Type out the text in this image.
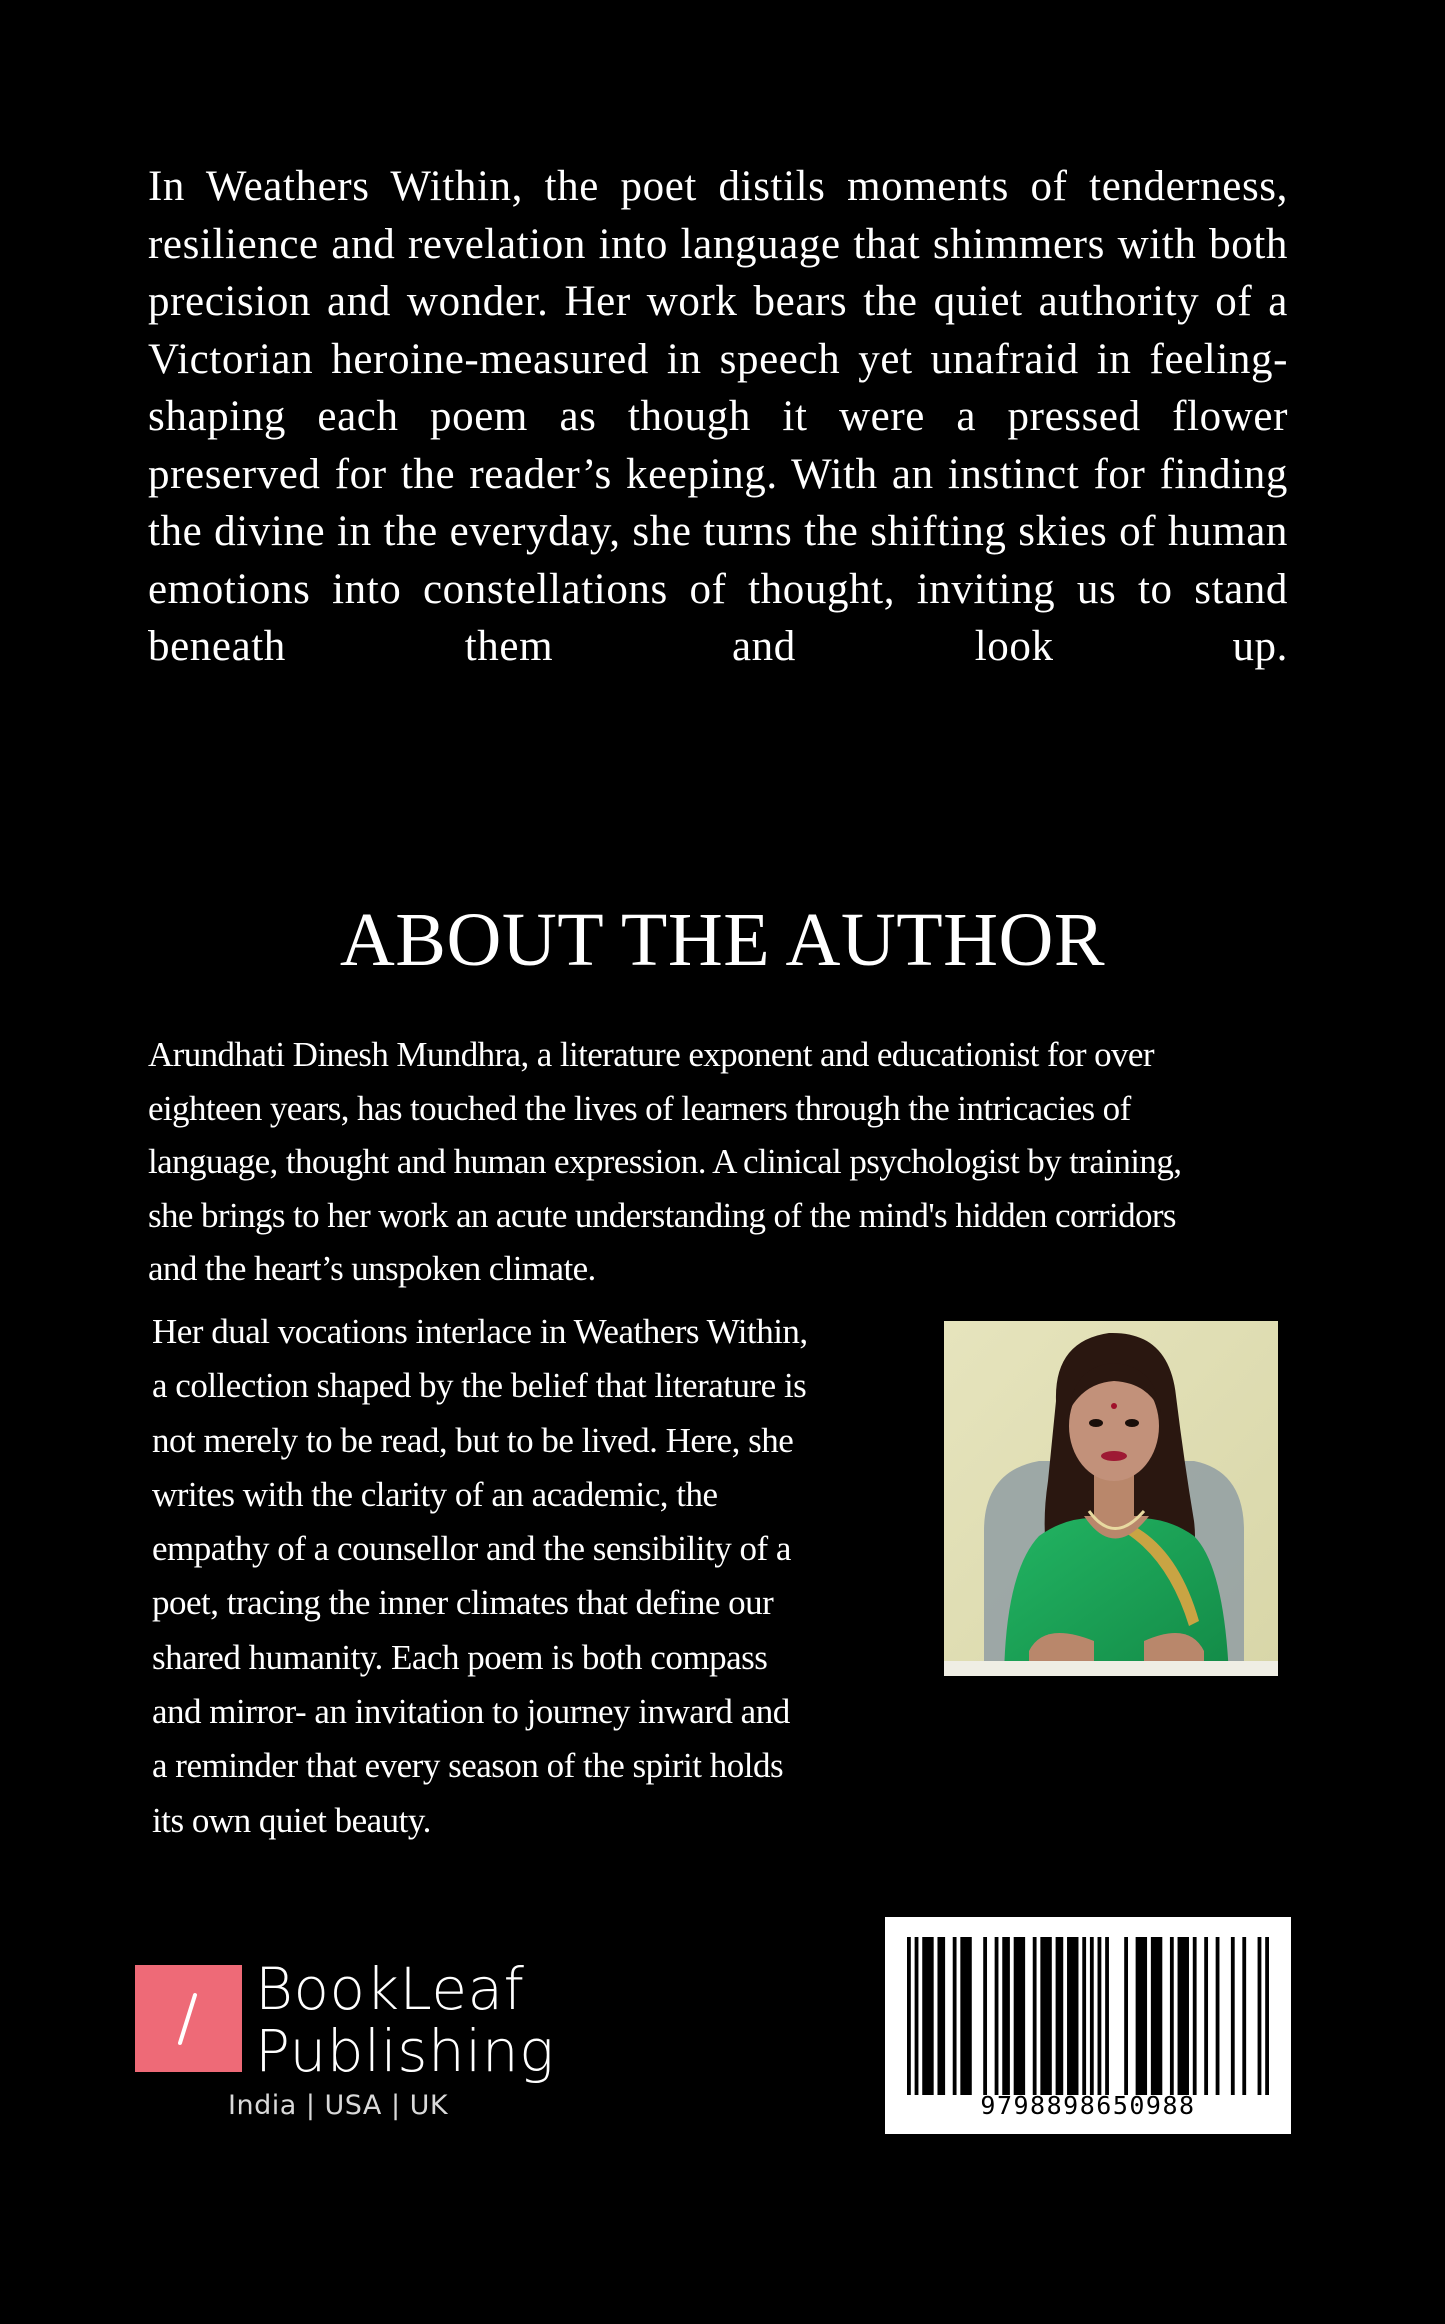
In Weathers Within, the poet distils moments of tenderness, resilience and revelation into language that shimmers with both precision and wonder. Her work bears the quiet authority of a Victorian heroine-measured in speech yet unafraid in feeling- shaping each poem as though it were a pressed flower preserved for the reader’s keeping. With an instinct for finding the divine in the everyday, she turns the shifting skies of human emotions into constellations of thought, inviting us to stand beneath them and look up.
ABOUT THE AUTHOR
Arundhati Dinesh Mundhra, a literature exponent and educationist for over
eighteen years, has touched the lives of learners through the intricacies of
language, thought and human expression. A clinical psychologist by training,
she brings to her work an acute understanding of the mind's hidden corridors
and the heart’s unspoken climate.
Her dual vocations interlace in Weathers Within,
a collection shaped by the belief that literature is
not merely to be read, but to be lived. Here, she
writes with the clarity of an academic, the
empathy of a counsellor and the sensibility of a
poet, tracing the inner climates that define our
shared humanity. Each poem is both compass
and mirror- an invitation to journey inward and
a reminder that every season of the spirit holds
its own quiet beauty.
BookLeaf
Publishing
India | USA | UK	9798898650988
